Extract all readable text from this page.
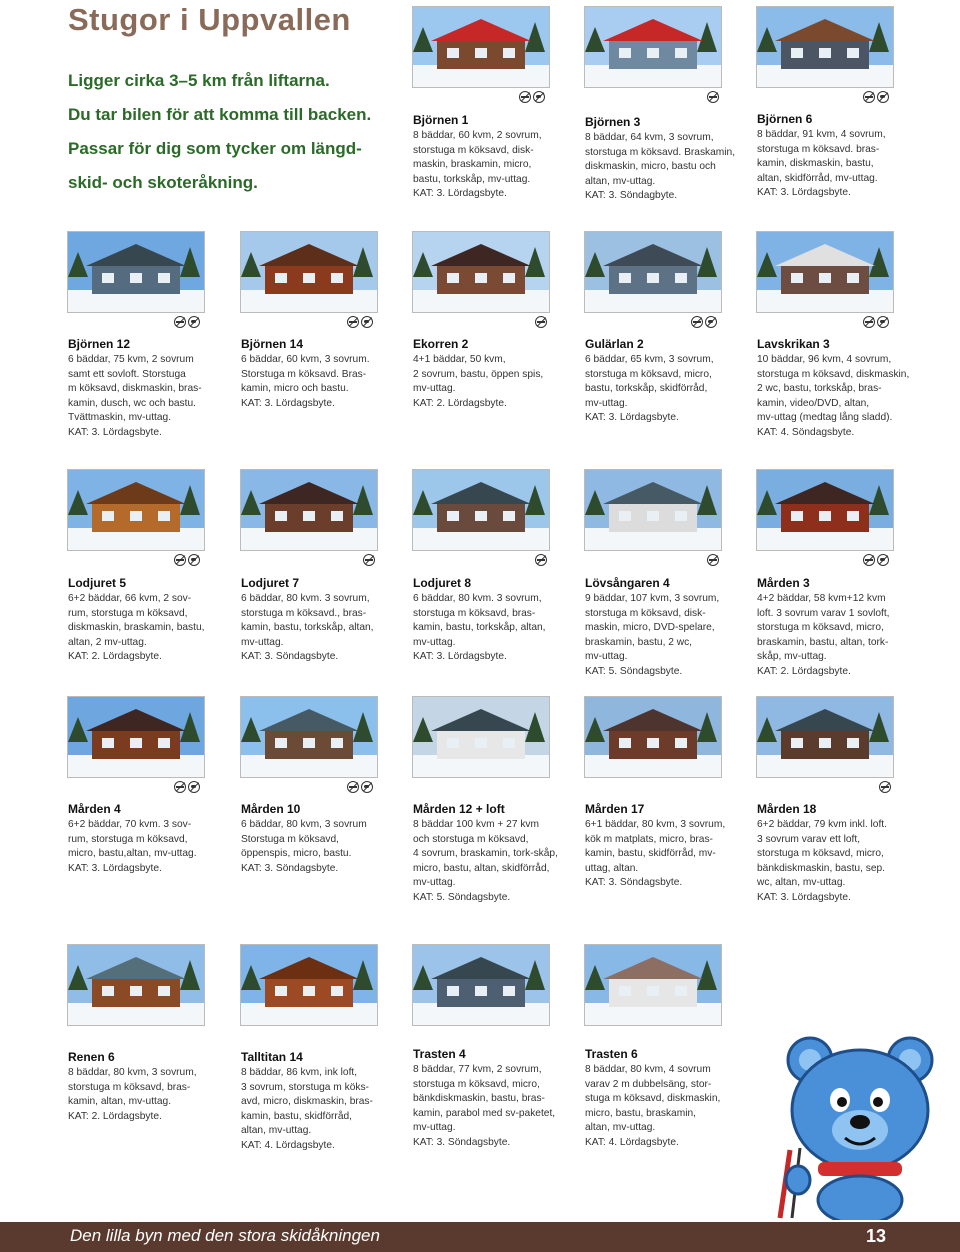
Stugor i Uppvallen
Ligger cirka 3–5 km från liftarna.
Du tar bilen för att komma till backen.
Passar för dig som tycker om längd-
skid- och skoteråkning.
Björnen 1
8 bäddar, 60 kvm, 2 sovrum,
storstuga m köksavd, disk-
maskin, braskamin, micro,
bastu, torkskåp, mv-uttag.
KAT: 3. Lördagsbyte.
Björnen 3
8 bäddar, 64 kvm, 3 sovrum,
storstuga m köksavd. Braskamin,
diskmaskin, micro, bastu och
altan, mv-uttag.
KAT: 3. Söndagbyte.
Björnen 6
8 bäddar, 91 kvm, 4 sovrum,
storstuga m köksavd. bras-
kamin, diskmaskin, bastu,
altan, skidförråd, mv-uttag.
KAT: 3. Lördagsbyte.
Björnen 12
6 bäddar, 75 kvm, 2 sovrum
samt ett sovloft. Storstuga
m köksavd, diskmaskin, bras-
kamin, dusch, wc och bastu.
Tvättmaskin, mv-uttag.
KAT: 3. Lördagsbyte.
Björnen 14
6 bäddar, 60 kvm, 3 sovrum.
Storstuga m köksavd. Bras-
kamin, micro och bastu.
KAT: 3. Lördagsbyte.
Ekorren 2
4+1 bäddar, 50 kvm,
2 sovrum, bastu, öppen spis,
mv-uttag.
KAT: 2. Lördagsbyte.
Gulärlan 2
6 bäddar, 65 kvm, 3 sovrum,
storstuga m köksavd, micro,
bastu, torkskåp, skidförråd,
mv-uttag.
KAT: 3. Lördagsbyte.
Lavskrikan 3
10 bäddar, 96 kvm, 4 sovrum,
storstuga m köksavd, diskmaskin,
2 wc, bastu, torkskåp, bras-
kamin, video/DVD, altan,
mv-uttag (medtag lång sladd).
KAT: 4. Söndagsbyte.
Lodjuret 5
6+2 bäddar, 66 kvm, 2 sov-
rum, storstuga m köksavd,
diskmaskin, braskamin, bastu,
altan, 2 mv-uttag.
KAT: 2. Lördagsbyte.
Lodjuret 7
6 bäddar, 80 kvm. 3 sovrum,
storstuga m köksavd., bras-
kamin, bastu, torkskåp, altan,
mv-uttag.
KAT: 3. Söndagsbyte.
Lodjuret 8
6 bäddar, 80 kvm. 3 sovrum,
storstuga m köksavd, bras-
kamin, bastu, torkskåp, altan,
mv-uttag.
KAT: 3. Lördagsbyte.
Lövsångaren 4
9 bäddar, 107 kvm, 3 sovrum,
storstuga m köksavd, disk-
maskin, micro, DVD-spelare,
braskamin, bastu, 2 wc,
mv-uttag.
KAT: 5. Söndagsbyte.
Mården 3
4+2 bäddar, 58 kvm+12 kvm
loft. 3 sovrum varav 1 sovloft,
storstuga m köksavd, micro,
braskamin, bastu, altan, tork-
skåp, mv-uttag.
KAT: 2. Lördagsbyte.
Mården 4
6+2 bäddar, 70 kvm. 3 sov-
rum, storstuga m köksavd,
micro, bastu,altan, mv-uttag.
KAT: 3. Lördagsbyte.
Mården 10
6 bäddar, 80 kvm, 3 sovrum
Storstuga m köksavd,
öppenspis, micro, bastu.
KAT: 3. Söndagsbyte.
Mården 12 + loft
8 bäddar 100 kvm + 27 kvm
och storstuga m köksavd,
4 sovrum, braskamin, tork-skåp,
micro, bastu, altan, skidförråd,
mv-uttag.
KAT: 5. Söndagsbyte.
Mården 17
6+1 bäddar, 80 kvm, 3 sovrum,
kök m matplats, micro, bras-
kamin, bastu, skidförråd, mv-
uttag, altan.
KAT: 3. Söndagsbyte.
Mården 18
6+2 bäddar, 79 kvm inkl. loft.
3 sovrum varav ett loft,
storstuga m köksavd, micro,
bänkdiskmaskin, bastu, sep.
wc, altan, mv-uttag.
KAT: 3. Lördagsbyte.
Renen 6
8 bäddar, 80 kvm, 3 sovrum,
storstuga m köksavd, bras-
kamin, altan, mv-uttag.
KAT: 2. Lördagsbyte.
Talltitan 14
8 bäddar, 86 kvm, ink loft,
3 sovrum, storstuga m köks-
avd, micro, diskmaskin, bras-
kamin, bastu, skidförråd,
altan, mv-uttag.
KAT: 4. Lördagsbyte.
Trasten 4
8 bäddar, 77 kvm, 2 sovrum,
storstuga m köksavd, micro,
bänkdiskmaskin, bastu, bras-
kamin, parabol med sv-paketet,
mv-uttag.
KAT: 3. Söndagsbyte.
Trasten 6
8 bäddar, 80 kvm, 4 sovrum
varav 2 m dubbelsäng, stor-
stuga m köksavd, diskmaskin,
micro, bastu, braskamin,
altan, mv-uttag.
KAT: 4. Lördagsbyte.
Den lilla byn med den stora skidåkningen	13
